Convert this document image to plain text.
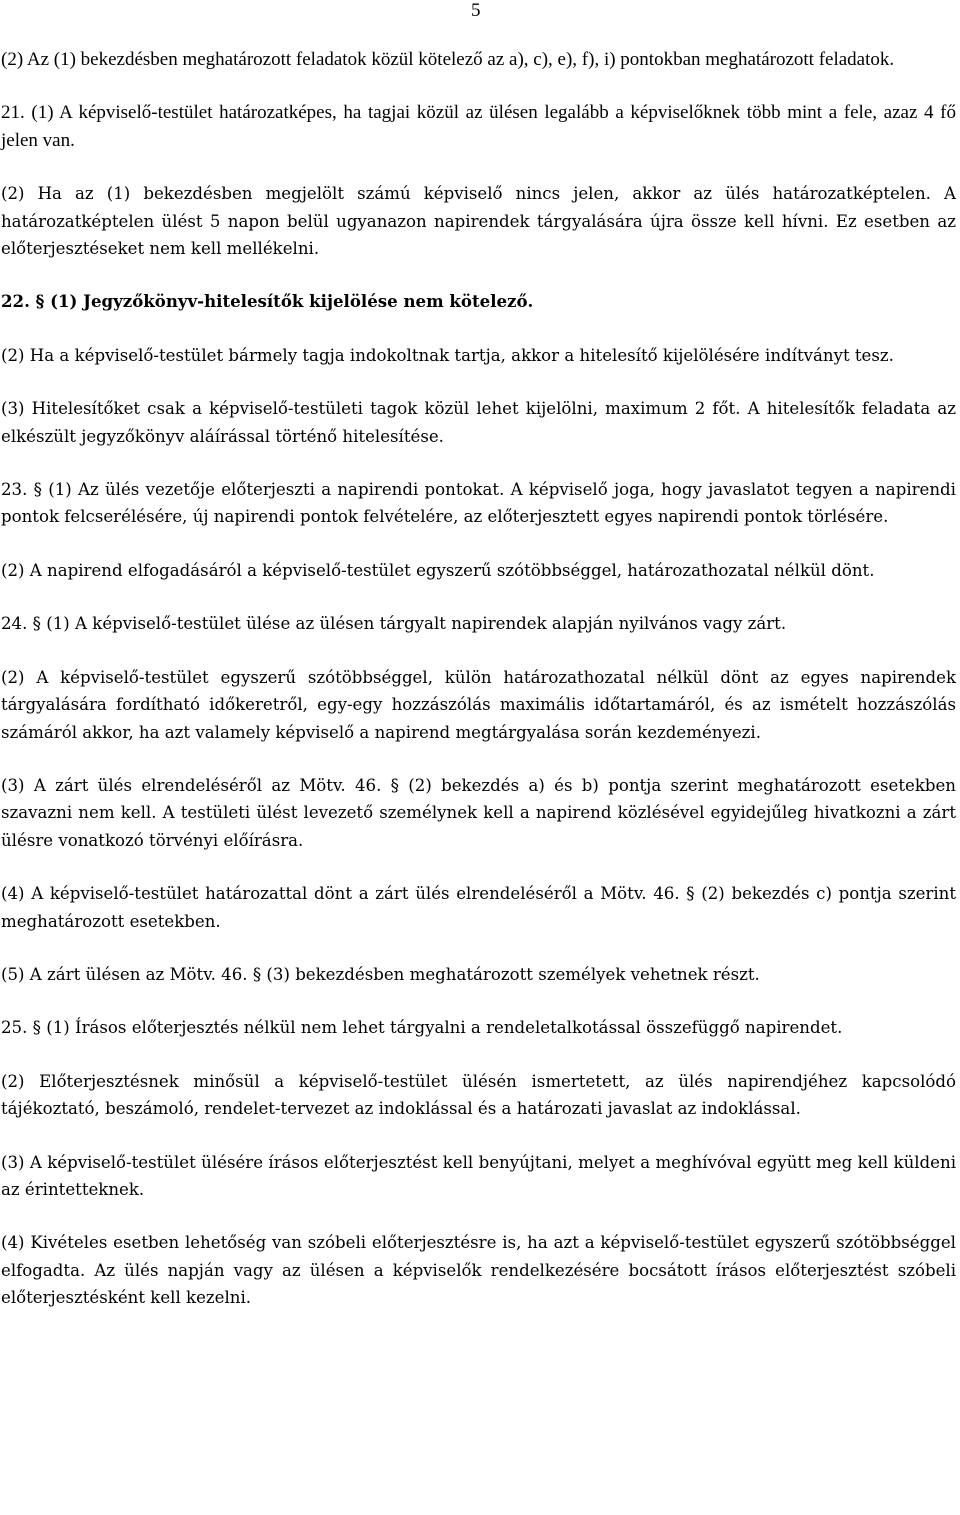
5

(2) Az (1) bekezdésben meghatározott feladatok közül kötelező az a), c), e), f), i) pontokban meghatározott feladatok.

21. (1) A képviselő-testület határozatképes, ha tagjai közül az ülésen legalább a képviselőknek több mint a fele, azaz 4 fő jelen van.

(2) Ha az (1) bekezdésben megjelölt számú képviselő nincs jelen, akkor az ülés határozatképtelen. A határozatképtelen ülést 5 napon belül ugyanazon napirendek tárgyalására újra össze kell hívni. Ez esetben az előterjesztéseket nem kell mellékelni.

22. § (1) Jegyzőkönyv-hitelesítők kijelölése nem kötelező.

(2) Ha a képviselő-testület bármely tagja indokoltnak tartja, akkor a hitelesítő kijelölésére indítványt tesz.

(3) Hitelesítőket csak a képviselő-testületi tagok közül lehet kijelölni, maximum 2 főt. A hitelesítők feladata az elkészült jegyzőkönyv aláírással történő hitelesítése.

23. § (1) Az ülés vezetője előterjeszti a napirendi pontokat. A képviselő joga, hogy javaslatot tegyen a napirendi pontok felcserélésére, új napirendi pontok felvételére, az előterjesztett egyes napirendi pontok törlésére.

(2) A napirend elfogadásáról a képviselő-testület egyszerű szótöbbséggel, határozathozatal nélkül dönt.

24. § (1) A képviselő-testület ülése az ülésen tárgyalt napirendek alapján nyilvános vagy zárt.

(2) A képviselő-testület egyszerű szótöbbséggel, külön határozathozatal nélkül dönt az egyes napirendek tárgyalására fordítható időkeretről, egy-egy hozzászólás maximális időtartamáról, és az ismételt hozzászólás számáról akkor, ha azt valamely képviselő a napirend megtárgyalása során kezdeményezi.

(3) A zárt ülés elrendeléséről az Mötv. 46. § (2) bekezdés a) és b) pontja szerint meghatározott esetekben szavazni nem kell. A testületi ülést levezető személynek kell a napirend közlésével egyidejűleg hivatkozni a zárt ülésre vonatkozó törvényi előírásra.

(4) A képviselő-testület határozattal dönt a zárt ülés elrendeléséről a Mötv. 46. § (2) bekezdés c) pontja szerint meghatározott esetekben.

(5) A zárt ülésen az Mötv. 46. § (3) bekezdésben meghatározott személyek vehetnek részt.

25. § (1) Írásos előterjesztés nélkül nem lehet tárgyalni a rendeletalkotással összefüggő napirendet.

(2) Előterjesztésnek minősül a képviselő-testület ülésén ismertetett, az ülés napirendjéhez kapcsolódó tájékoztató, beszámoló, rendelet-tervezet az indoklással és a határozati javaslat az indoklással.

(3) A képviselő-testület ülésére írásos előterjesztést kell benyújtani, melyet a meghívóval együtt meg kell küldeni az érintetteknek.

(4) Kivételes esetben lehetőség van szóbeli előterjesztésre is, ha azt a képviselő-testület egyszerű szótöbbséggel elfogadta. Az ülés napján vagy az ülésen a képviselők rendelkezésére bocsátott írásos előterjesztést szóbeli előterjesztésként kell kezelni.
